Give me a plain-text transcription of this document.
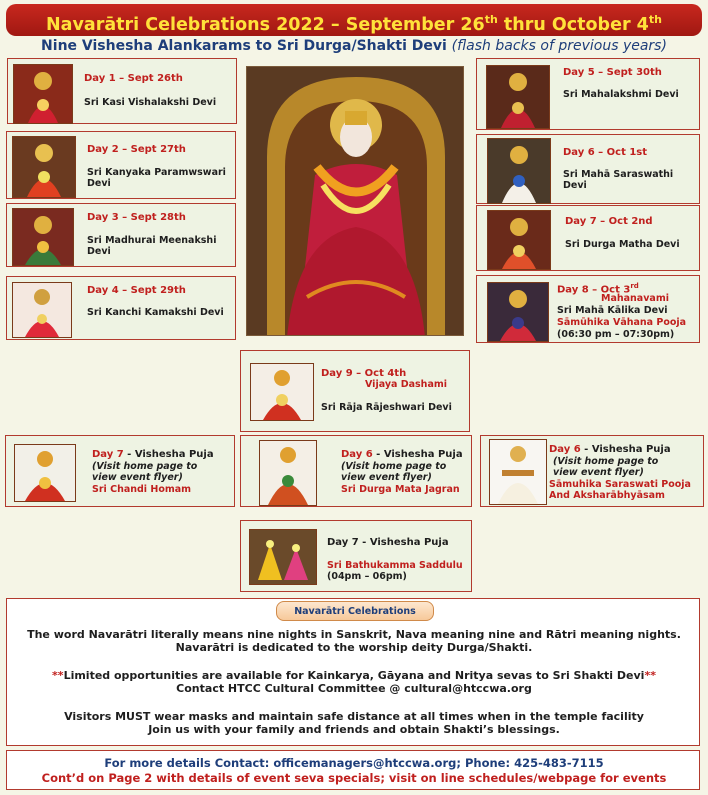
Navarātri Celebrations 2022 – September 26th thru October 4th
Nine Vishesha Alankarams to Sri Durga/Shakti Devi (flash backs of previous years)
Day 1 – Sept 26th
Sri Kasi Vishalakshi Devi
Day 2 – Sept 27th
Sri Kanyaka Paramwswari Devi
Day 3 – Sept 28th
Sri Madhurai Meenakshi Devi
Day 4 – Sept 29th
Sri Kanchi Kamakshi Devi
Day 5 – Sept 30th
Sri Mahalakshmi Devi
Day 6 – Oct 1st
Sri Mahā Saraswathi Devi
Day 7 – Oct 2nd
Sri Durga Matha Devi
Day 8 – Oct 3rd
Mahanavami
Sri Mahā Kālika Devi
Sāmūhika Vāhana Pooja
(06:30 pm – 07:30pm)
Day 9 – Oct 4th
Vijaya Dashami
Sri Rāja Rājeshwari Devi
Day 7 - Vishesha Puja
(Visit home page to view event flyer)
Sri Chandi Homam
Day 6 - Vishesha Puja
(Visit home page to view event flyer)
Sri Durga Mata Jagran
Day 6 - Vishesha Puja
(Visit home page to view event flyer)
Sāmuhika Saraswati Pooja And Aksharābhyāsam
Day 7 - Vishesha Puja
Sri Bathukamma Saddulu (04pm – 06pm)
Navarātri Celebrations
The word Navarātri literally means nine nights in Sanskrit, Nava meaning nine and Rātri meaning nights. Navarātri is dedicated to the worship deity Durga/Shakti.
**Limited opportunities are available for Kainkarya, Gāyana and Nritya sevas to Sri Shakti Devi**
Contact HTCC Cultural Committee @ cultural@htccwa.org
Visitors MUST wear masks and maintain safe distance at all times when in the temple facility
Join us with your family and friends and obtain Shakti’s blessings.
For more details Contact: officemanagers@htccwa.org; Phone: 425-483-7115
Cont’d on Page 2 with details of event seva specials; visit on line schedules/webpage for events
